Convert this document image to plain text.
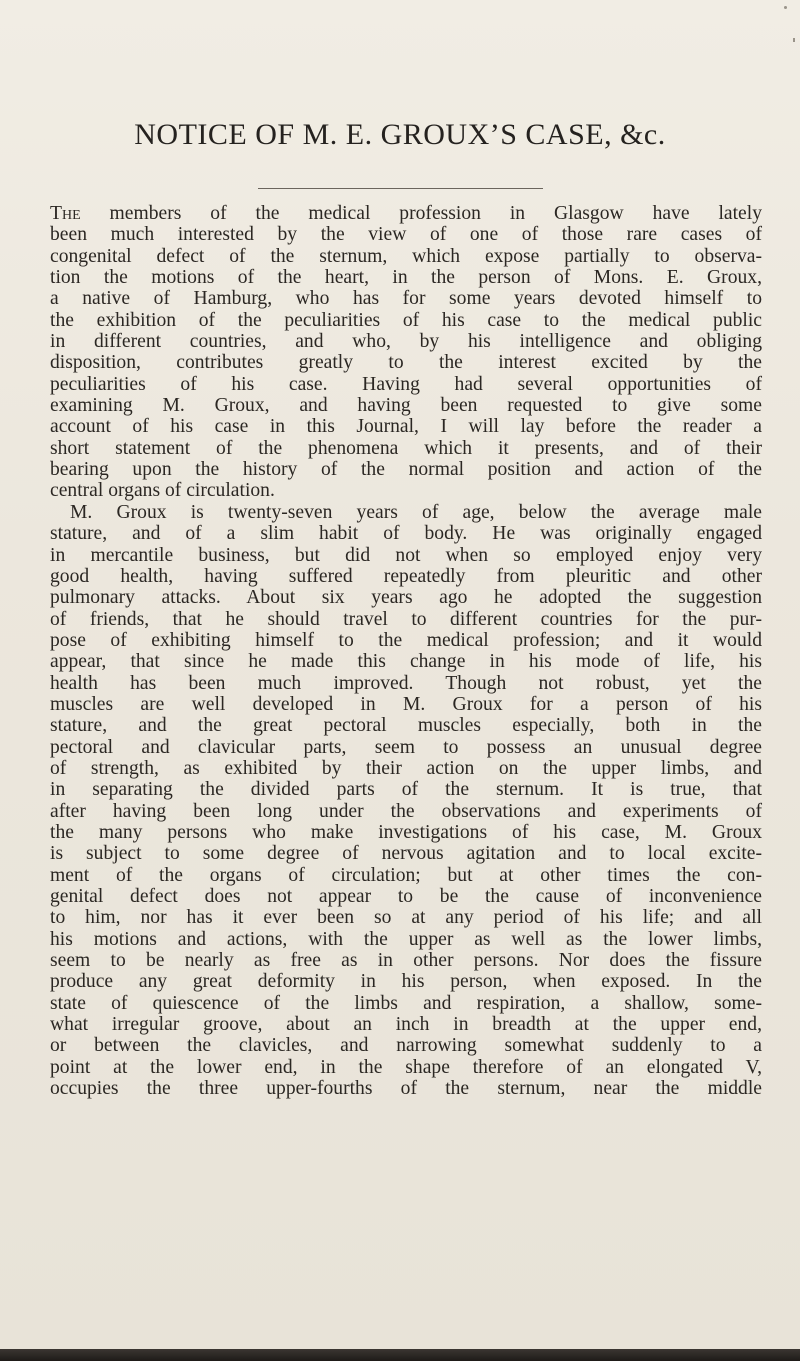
NOTICE OF M. E. GROUX’S CASE, &c.
The members of the medical profession in Glasgow have lately
been much interested by the view of one of those rare cases of
congenital defect of the sternum, which expose partially to observa-
tion the motions of the heart, in the person of Mons. E. Groux,
a native of Hamburg, who has for some years devoted himself to
the exhibition of the peculiarities of his case to the medical public
in different countries, and who, by his intelligence and obliging
disposition, contributes greatly to the interest excited by the
peculiarities of his case. Having had several opportunities of
examining M. Groux, and having been requested to give some
account of his case in this Journal, I will lay before the reader a
short statement of the phenomena which it presents, and of their
bearing upon the history of the normal position and action of the
central organs of circulation.
M. Groux is twenty-seven years of age, below the average male
stature, and of a slim habit of body. He was originally engaged
in mercantile business, but did not when so employed enjoy very
good health, having suffered repeatedly from pleuritic and other
pulmonary attacks. About six years ago he adopted the suggestion
of friends, that he should travel to different countries for the pur-
pose of exhibiting himself to the medical profession; and it would
appear, that since he made this change in his mode of life, his
health has been much improved. Though not robust, yet the
muscles are well developed in M. Groux for a person of his
stature, and the great pectoral muscles especially, both in the
pectoral and clavicular parts, seem to possess an unusual degree
of strength, as exhibited by their action on the upper limbs, and
in separating the divided parts of the sternum. It is true, that
after having been long under the observations and experiments of
the many persons who make investigations of his case, M. Groux
is subject to some degree of nervous agitation and to local excite-
ment of the organs of circulation; but at other times the con-
genital defect does not appear to be the cause of inconvenience
to him, nor has it ever been so at any period of his life; and all
his motions and actions, with the upper as well as the lower limbs,
seem to be nearly as free as in other persons. Nor does the fissure
produce any great deformity in his person, when exposed. In the
state of quiescence of the limbs and respiration, a shallow, some-
what irregular groove, about an inch in breadth at the upper end,
or between the clavicles, and narrowing somewhat suddenly to a
point at the lower end, in the shape therefore of an elongated V,
occupies the three upper-fourths of the sternum, near the middle
